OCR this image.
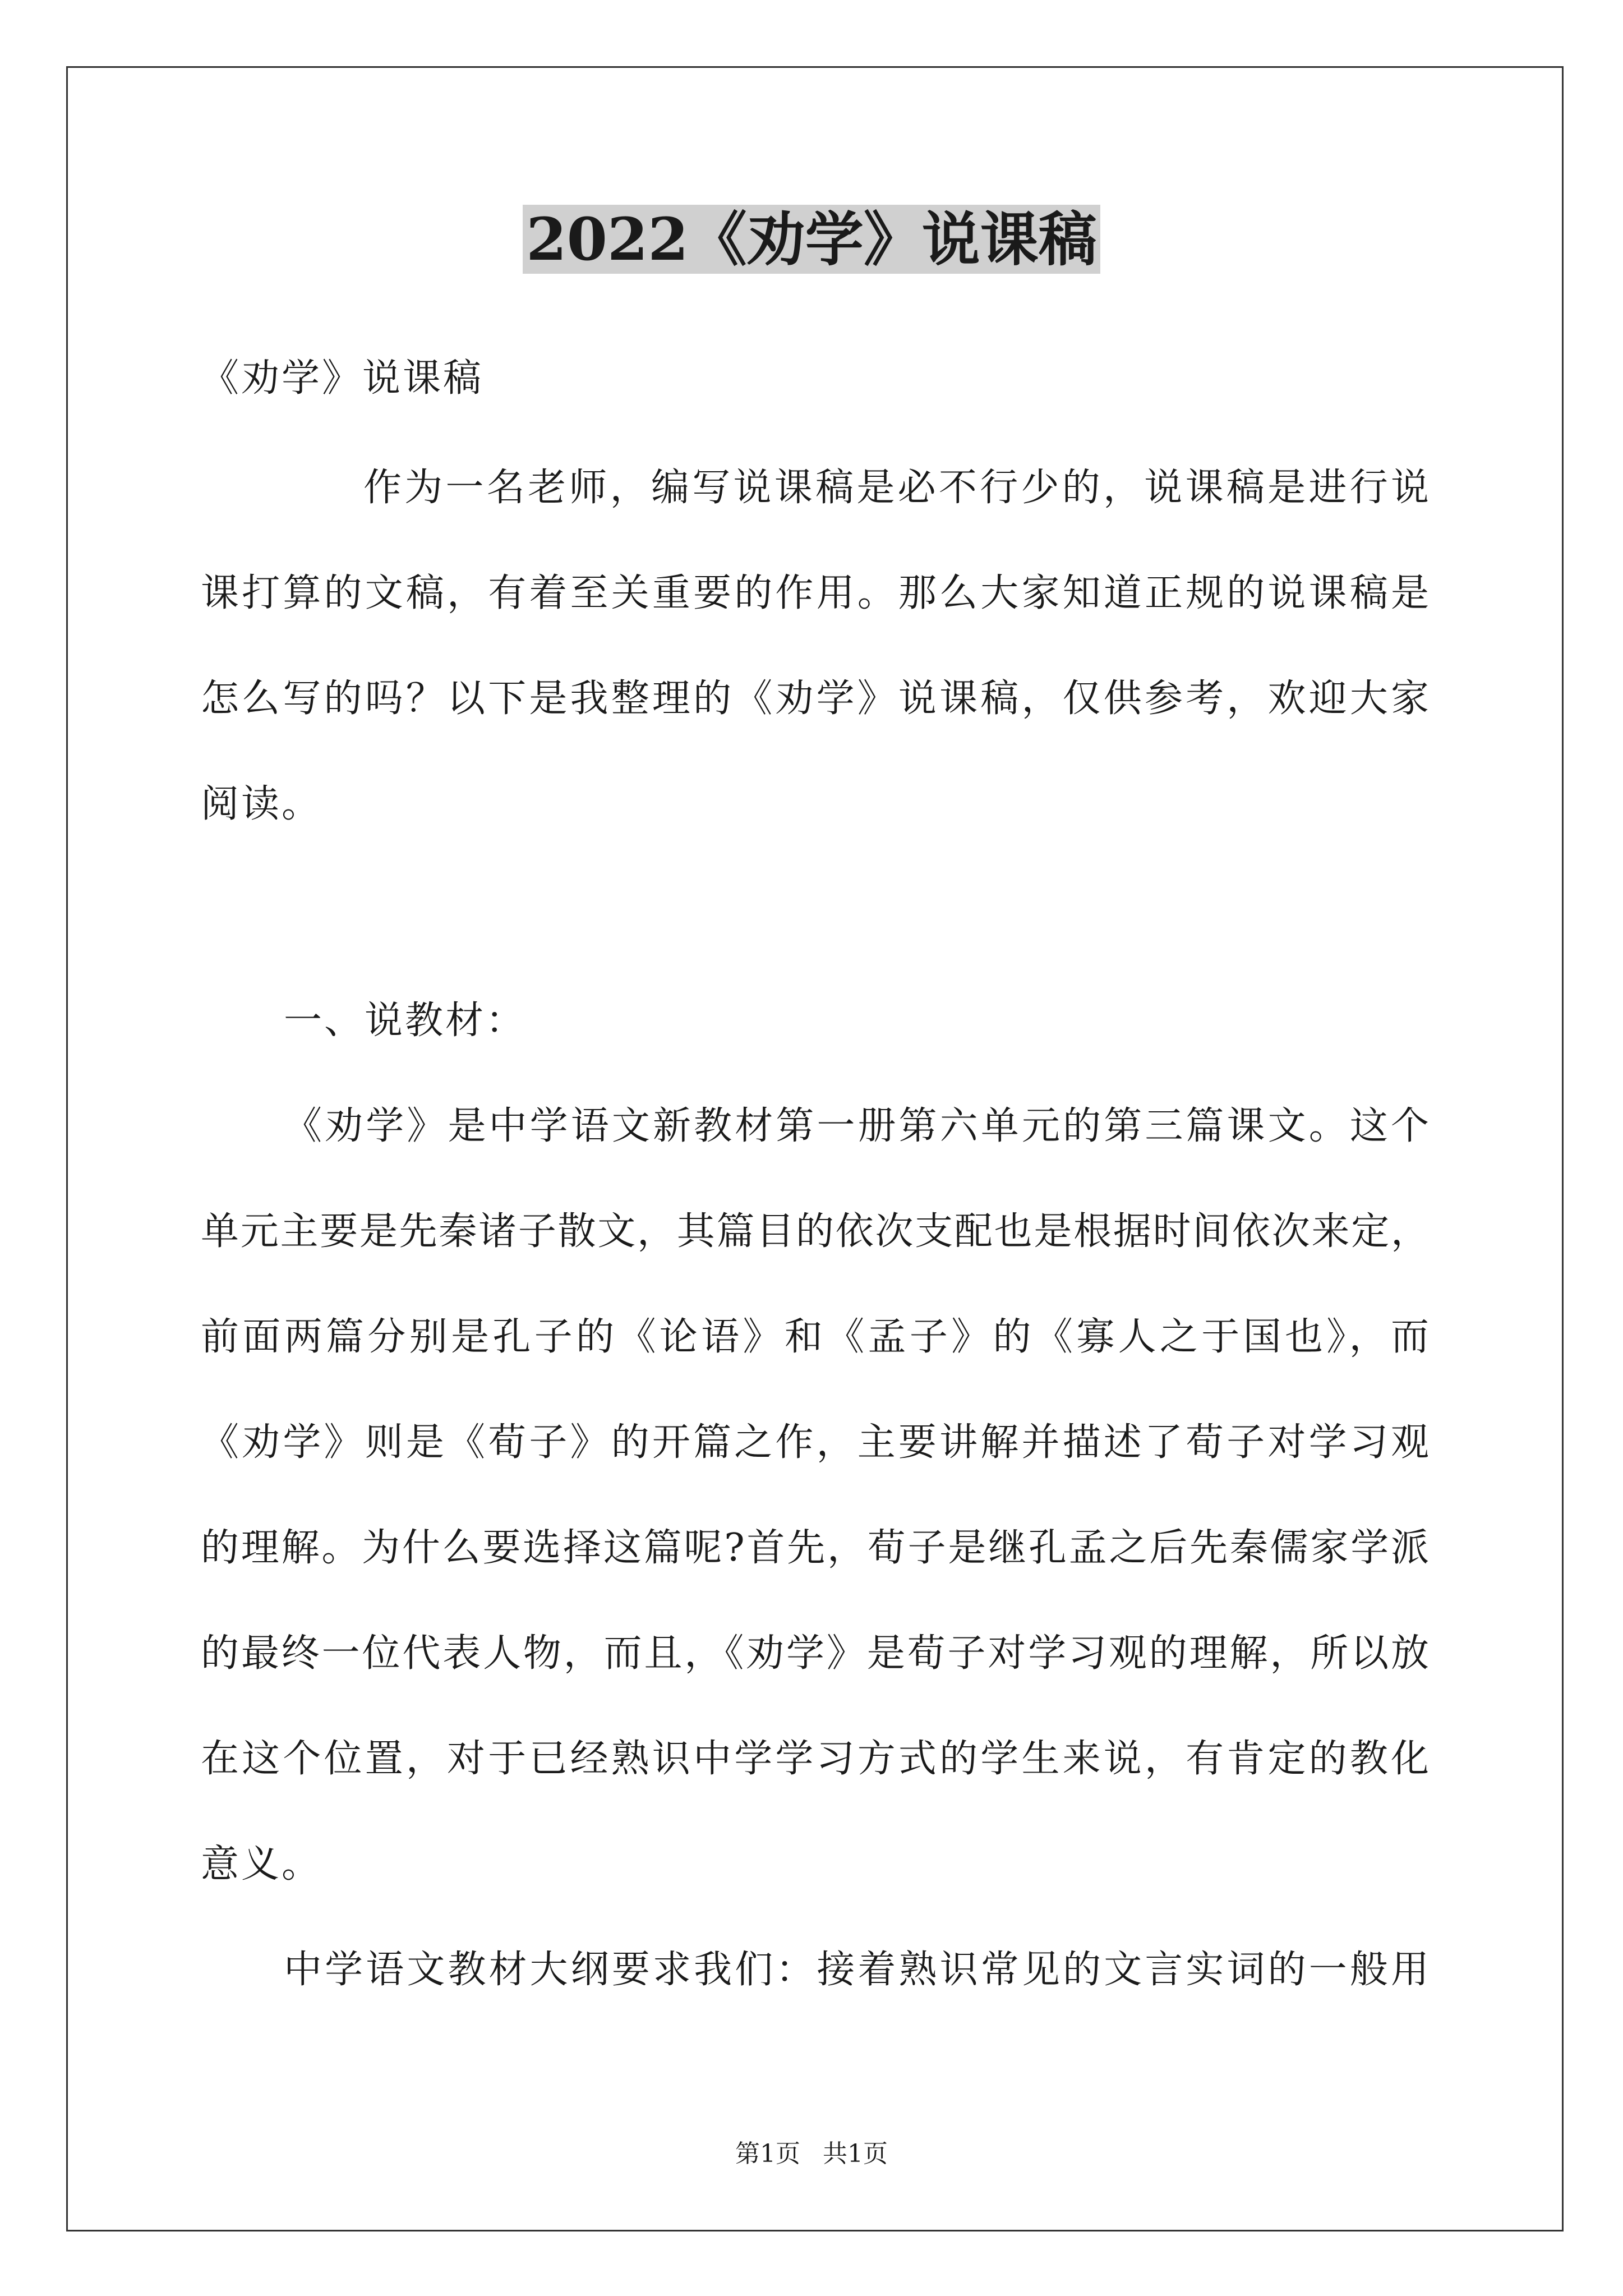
2022《劝学》说课稿

《劝学》说课稿

作为一名老师，编写说课稿是必不行少的，说课稿是进行说

课打算的文稿，有着至关重要的作用。那么大家知道正规的说课稿是

怎么写的吗？以下是我整理的《劝学》说课稿，仅供参考，欢迎大家

阅读。

一、说教材：

《劝学》是中学语文新教材第一册第六单元的第三篇课文。这个

单元主要是先秦诸子散文，其篇目的依次支配也是根据时间依次来定，

前面两篇分别是孔子的《论语》和《孟子》的《寡人之于国也》，而

《劝学》则是《荀子》的开篇之作，主要讲解并描述了荀子对学习观

的理解。为什么要选择这篇呢?首先，荀子是继孔孟之后先秦儒家学派

的最终一位代表人物，而且，《劝学》是荀子对学习观的理解，所以放

在这个位置，对于已经熟识中学学习方式的学生来说，有肯定的教化

意义。

中学语文教材大纲要求我们：接着熟识常见的文言实词的一般用

第1页 共1页
